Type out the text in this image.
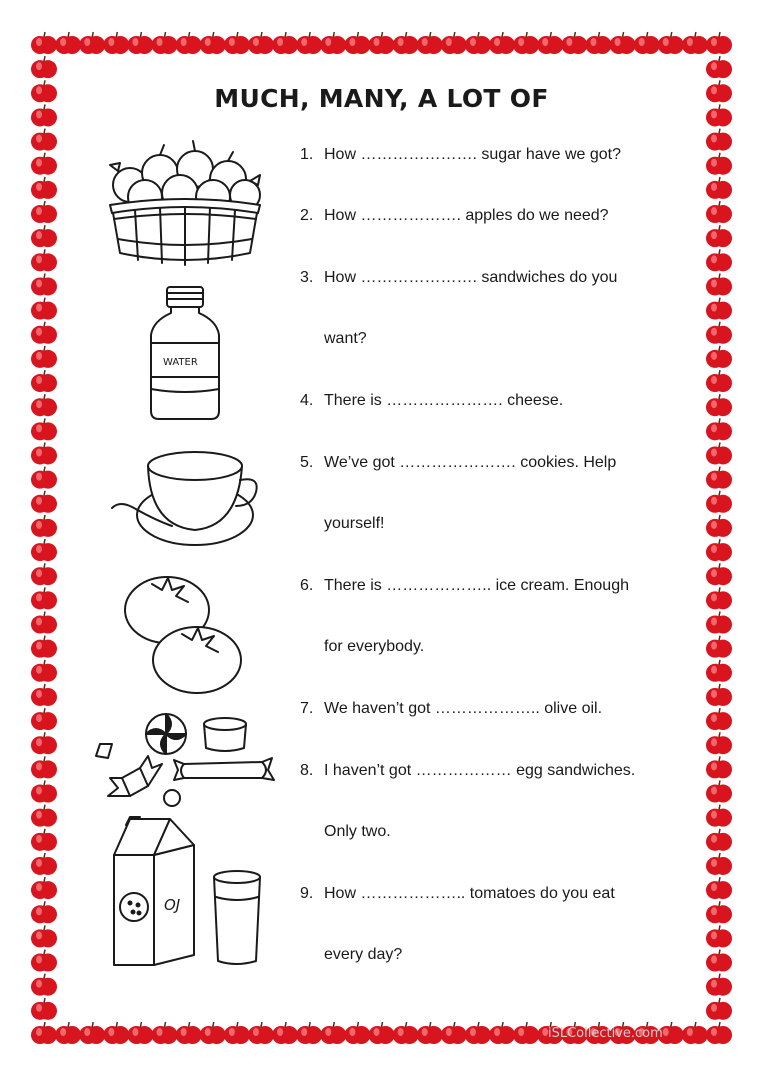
MUCH, MANY, A LOT OF
1. How …………………. sugar have we got?
2. How ………………. apples do we need?
3. How …………………. sandwiches do you
want?
4. There is …………………. cheese.
5. We’ve got …………………. cookies. Help
yourself!
6. There is ……………….. ice cream. Enough
for everybody.
7. We haven’t got ……………….. olive oil.
8. I haven’t got ……………… egg sandwiches.
Only two.
9. How ……………….. tomatoes do you eat
every day?
WATER
OJ
iSLCollective.com
